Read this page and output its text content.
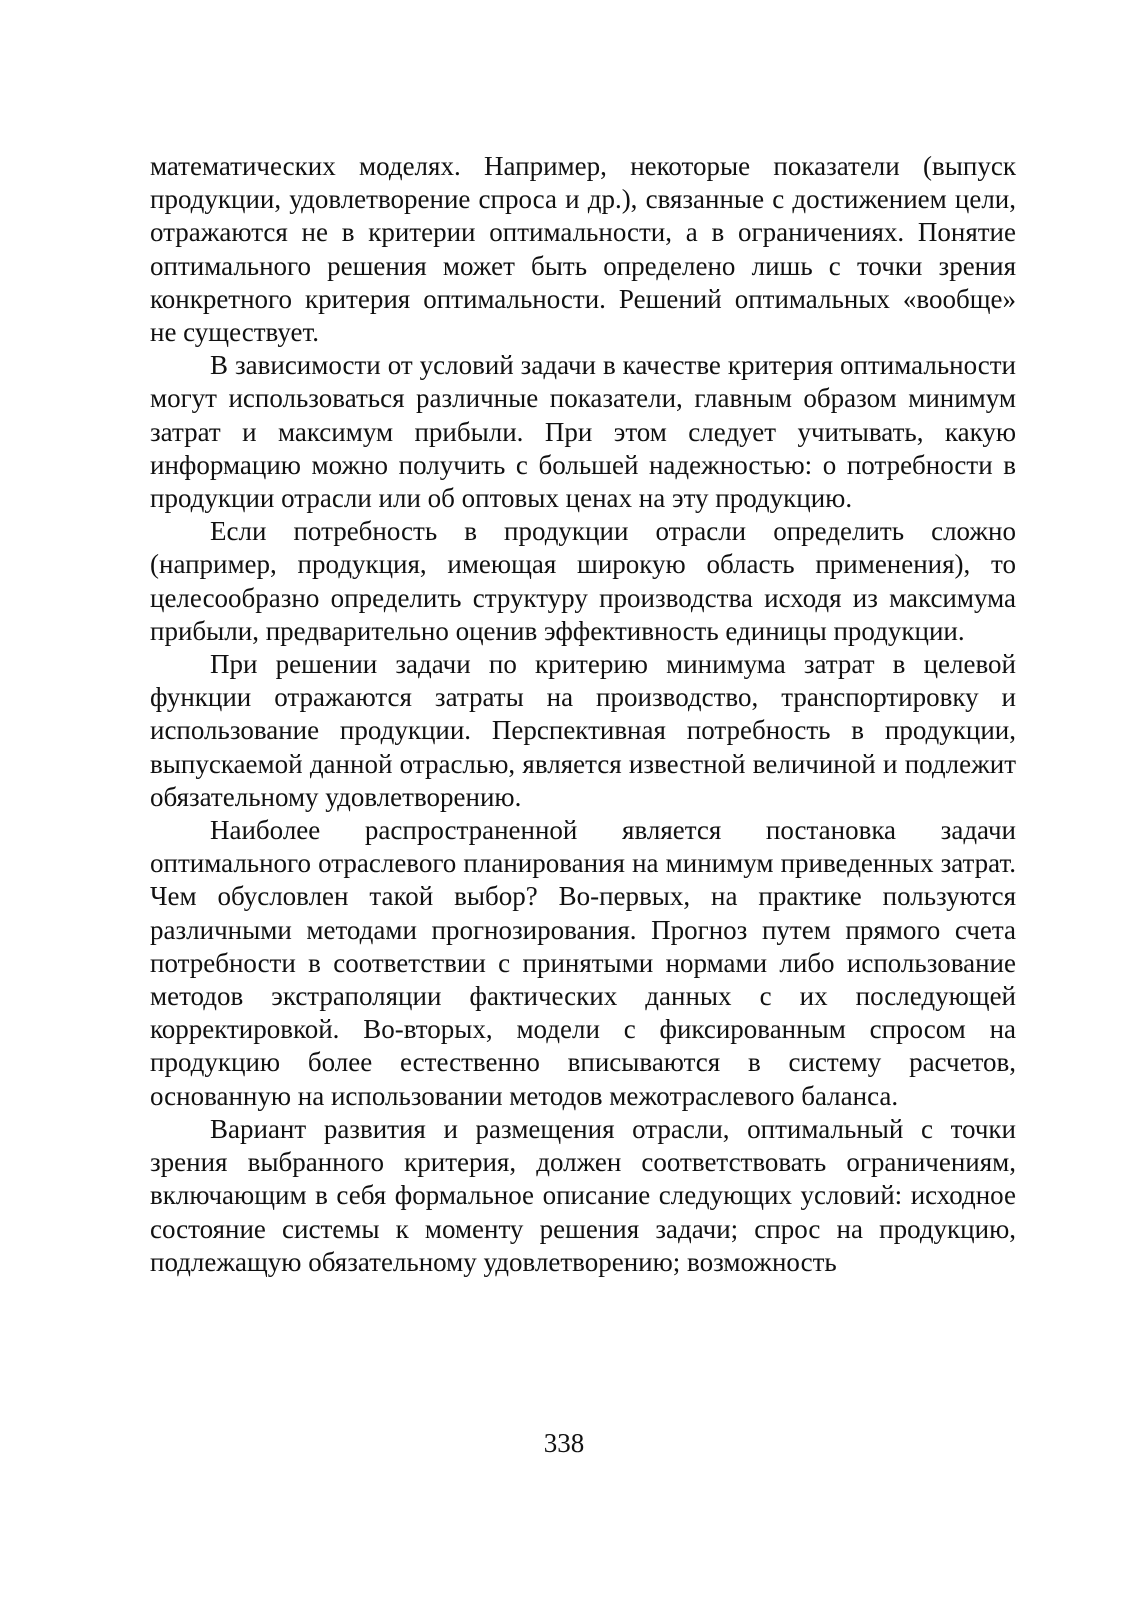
математических моделях. Например, некоторые показатели (выпуск продукции, удовлетворение спроса и др.), связанные с достижением цели, отражаются не в критерии оптимальности, а в ограничениях. Понятие оптимального решения может быть определено лишь с точки зрения конкретного критерия оптимальности. Решений оптимальных «вообще» не существует.

В зависимости от условий задачи в качестве критерия оптимальности могут использоваться различные показатели, главным образом минимум затрат и максимум прибыли. При этом следует учитывать, какую информацию можно получить с большей надежностью: о потребности в продукции отрасли или об оптовых ценах на эту продукцию.

Если потребность в продукции отрасли определить сложно (например, продукция, имеющая широкую область применения), то целесообразно определить структуру производства исходя из максимума прибыли, предварительно оценив эффективность единицы продукции.

При решении задачи по критерию минимума затрат в целевой функции отражаются затраты на производство, транспортировку и использование продукции. Перспективная потребность в продукции, выпускаемой данной отраслью, является известной величиной и подлежит обязательному удовлетворению.

Наиболее распространенной является постановка задачи оптимального отраслевого планирования на минимум приведенных затрат. Чем обусловлен такой выбор? Во-первых, на практике пользуются различными методами прогнозирования. Прогноз путем прямого счета потребности в соответствии с принятыми нормами либо использование методов экстраполяции фактических данных с их последующей корректировкой. Во-вторых, модели с фиксированным спросом на продукцию более естественно вписываются в систему расчетов, основанную на использовании методов межотраслевого баланса.

Вариант развития и размещения отрасли, оптимальный с точки зрения выбранного критерия, должен соответствовать ограничениям, включающим в себя формальное описание следующих условий: исходное состояние системы к моменту решения задачи; спрос на продукцию, подлежащую обязательному удовлетворению; возможность

338
